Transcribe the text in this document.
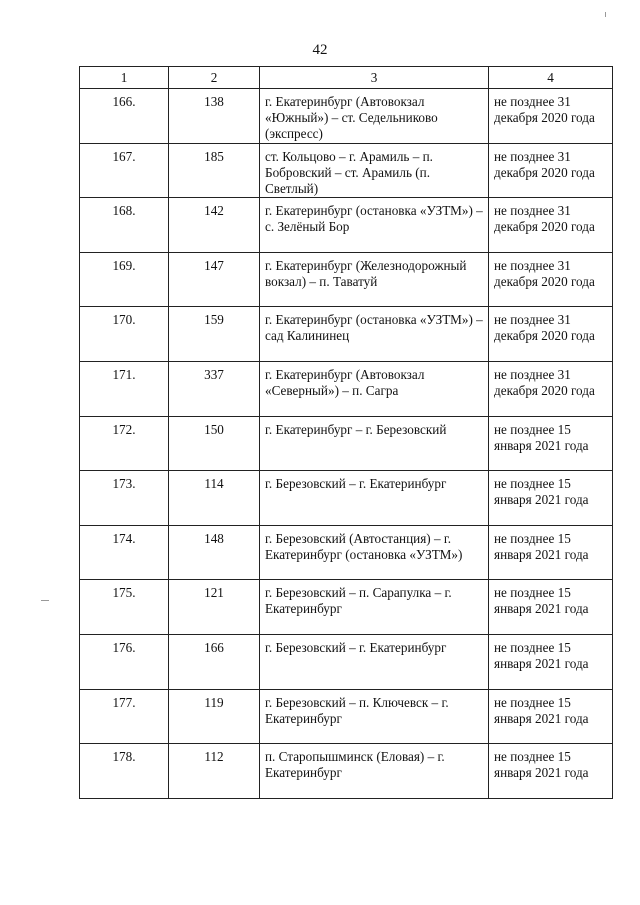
42
1	2	3	4
166.	138	г. Екатеринбург (Автовокзал «Южный») – ст. Седельниково (экспресс)	не позднее 31 декабря 2020 года
167.	185	ст. Кольцово – г. Арамиль – п. Бобровский – ст. Арамиль (п. Светлый)	не позднее 31 декабря 2020 года
168.	142	г. Екатеринбург (остановка «УЗТМ») – с. Зелёный Бор	не позднее 31 декабря 2020 года
169.	147	г. Екатеринбург (Железнодорожный вокзал) – п. Таватуй	не позднее 31 декабря 2020 года
170.	159	г. Екатеринбург (остановка «УЗТМ») – сад Калининец	не позднее 31 декабря 2020 года
171.	337	г. Екатеринбург (Автовокзал «Северный») – п. Сагра	не позднее 31 декабря 2020 года
172.	150	г. Екатеринбург – г. Березовский	не позднее 15 января 2021 года
173.	114	г. Березовский – г. Екатеринбург	не позднее 15 января 2021 года
174.	148	г. Березовский (Автостанция) – г. Екатеринбург (остановка «УЗТМ»)	не позднее 15 января 2021 года
175.	121	г. Березовский – п. Сарапулка – г. Екатеринбург	не позднее 15 января 2021 года
176.	166	г. Березовский – г. Екатеринбург	не позднее 15 января 2021 года
177.	119	г. Березовский – п. Ключевск – г. Екатеринбург	не позднее 15 января 2021 года
178.	112	п. Старопышминск (Еловая) – г. Екатеринбург	не позднее 15 января 2021 года
